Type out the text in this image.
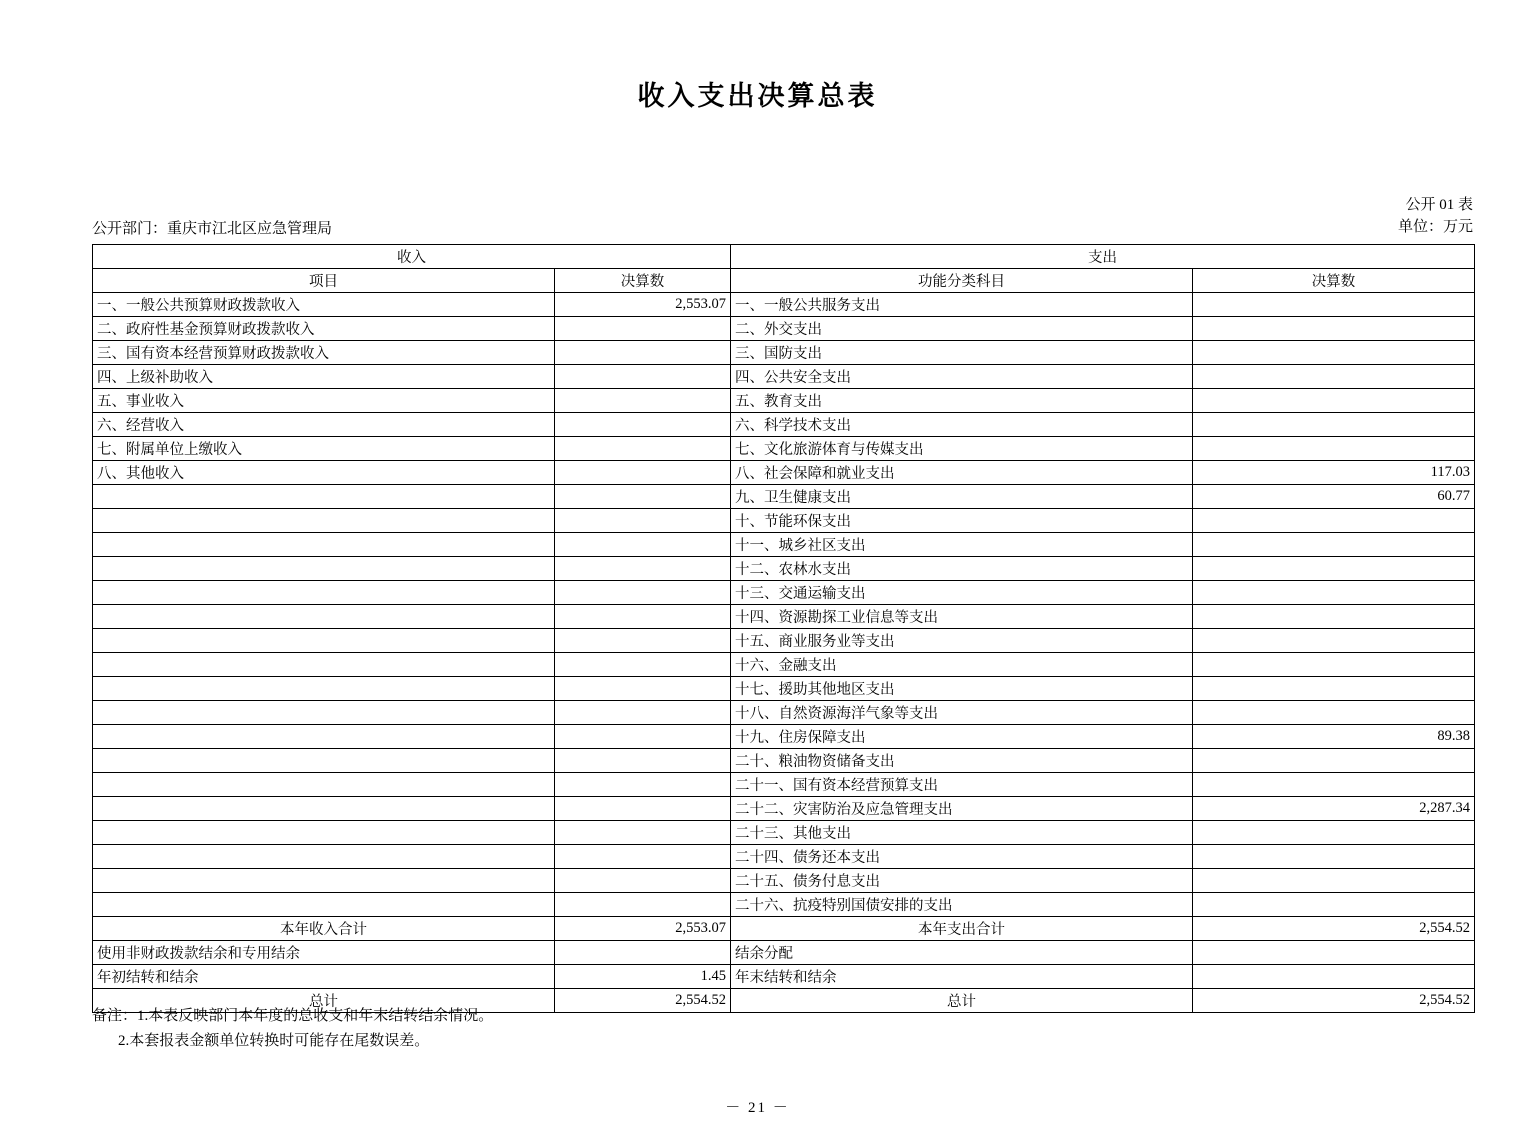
收入支出决算总表
公开 01 表
单位：万元
公开部门：重庆市江北区应急管理局
收入		支出	
项目	决算数	功能分类科目	决算数
一、一般公共预算财政拨款收入	2,553.07	一、一般公共服务支出	
二、政府性基金预算财政拨款收入		二、外交支出	
三、国有资本经营预算财政拨款收入		三、国防支出	
四、上级补助收入		四、公共安全支出	
五、事业收入		五、教育支出	
六、经营收入		六、科学技术支出	
七、附属单位上缴收入		七、文化旅游体育与传媒支出	
八、其他收入		八、社会保障和就业支出	117.03
		九、卫生健康支出	60.77
		十、节能环保支出	
		十一、城乡社区支出	
		十二、农林水支出	
		十三、交通运输支出	
		十四、资源勘探工业信息等支出	
		十五、商业服务业等支出	
		十六、金融支出	
		十七、援助其他地区支出	
		十八、自然资源海洋气象等支出	
		十九、住房保障支出	89.38
		二十、粮油物资储备支出	
		二十一、国有资本经营预算支出	
		二十二、灾害防治及应急管理支出	2,287.34
		二十三、其他支出	
		二十四、债务还本支出	
		二十五、债务付息支出	
		二十六、抗疫特别国债安排的支出	
本年收入合计	2,553.07	本年支出合计	2,554.52
使用非财政拨款结余和专用结余		结余分配	
年初结转和结余	1.45	年末结转和结余	
总计	2,554.52	总计	2,554.52
备注：1.本表反映部门本年度的总收支和年末结转结余情况。
2.本套报表金额单位转换时可能存在尾数误差。
－ 21 －
